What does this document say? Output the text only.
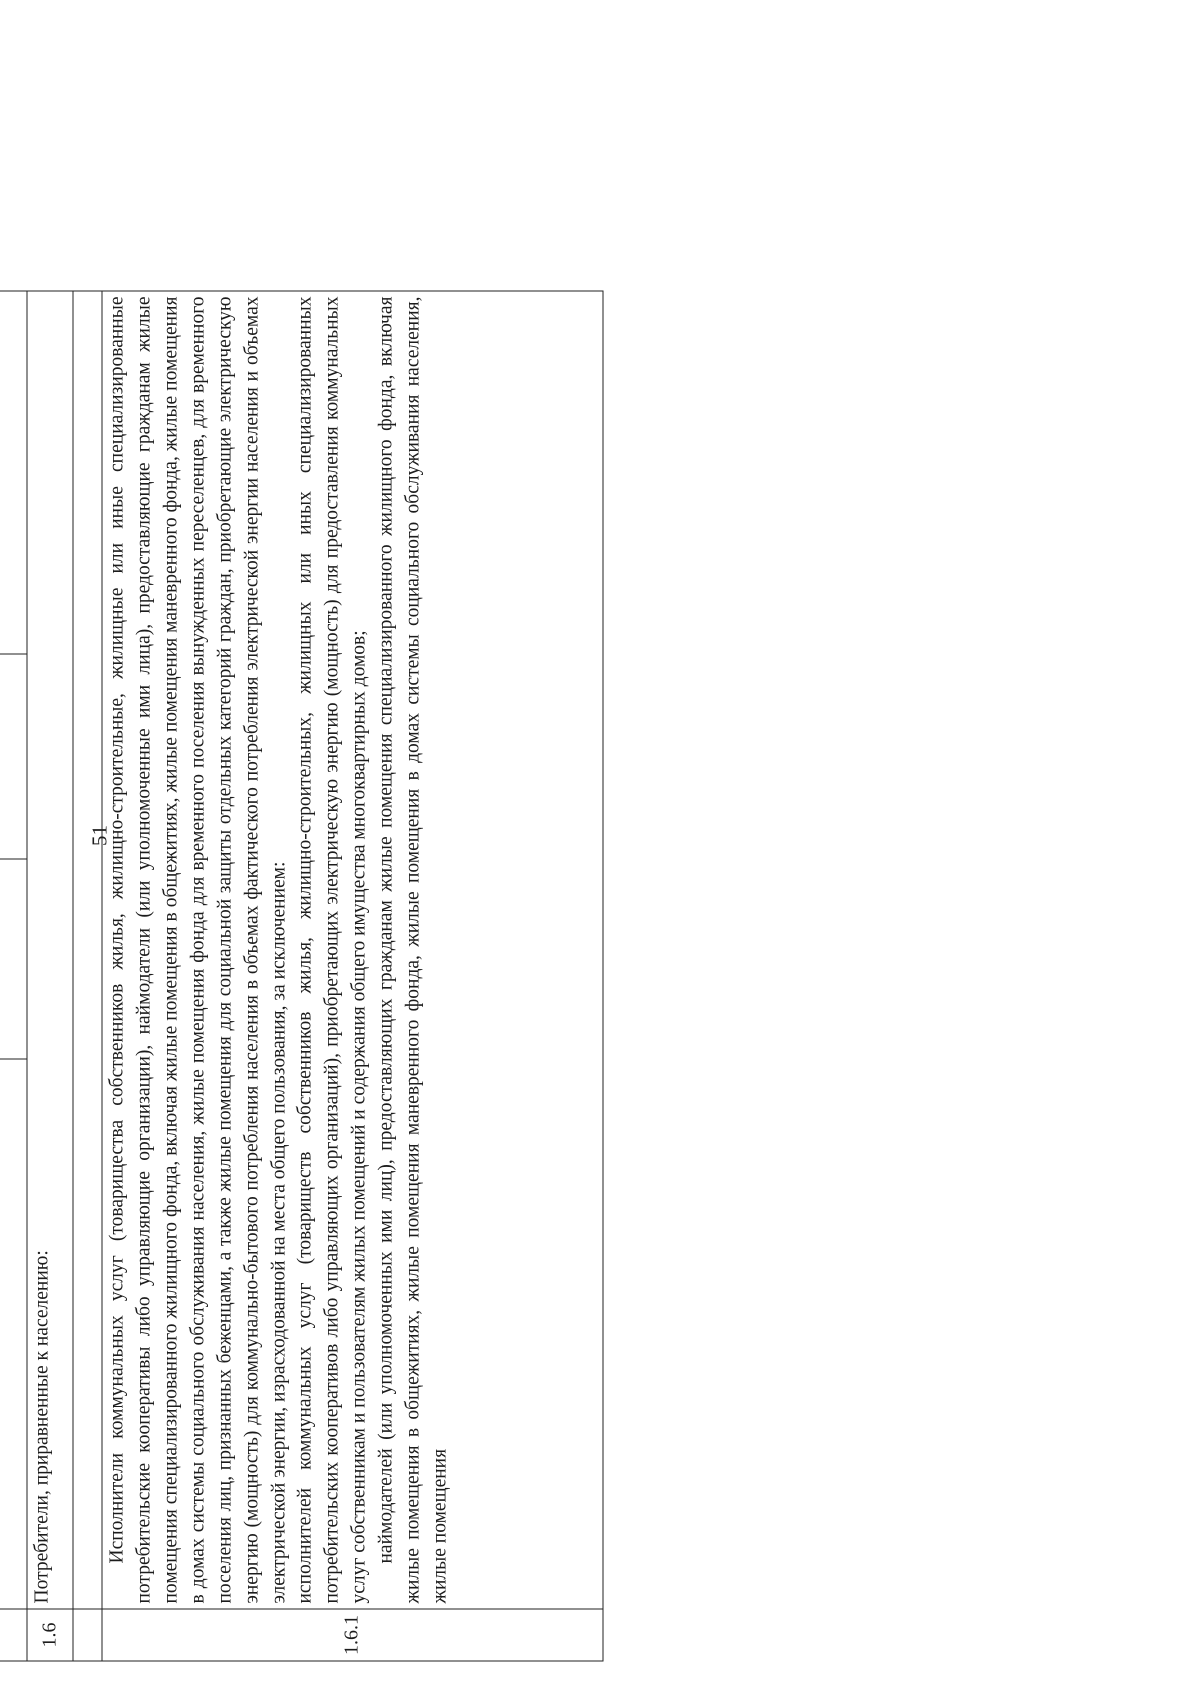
51

1.6	Потребители, приравненные к населению:			

1.6.1	Исполнители коммунальных услуг (товарищества собственников жилья, жилищно-строительные, жилищные или иные специализированные потребительские кооперативы либо управляющие организации), наймодатели (или уполномоченные ими лица), предоставляющие гражданам жилые помещения специализированного жилищного фонда, включая жилые помещения в общежитиях, жилые помещения маневренного фонда, жилые помещения в домах системы социального обслуживания населения, жилые помещения фонда для временного поселения вынужденных переселенцев, для временного поселения лиц, признанных беженцами, а также жилые помещения для социальной защиты отдельных категорий граждан, приобретающие электрическую энергию (мощность) для коммунально-бытового потребления населения в объемах фактического потребления электрической энергии населения и объемах электрической энергии, израсходованной на места общего пользования, за исключением: исполнителей коммунальных услуг (товариществ собственников жилья, жилищно-строительных, жилищных или иных специализированных потребительских кооперативов либо управляющих организаций), приобретающих электрическую энергию (мощность) для предоставления коммунальных услуг собственникам и пользователям жилых помещений и содержания общего имущества многоквартирных домов; наймодателей (или уполномоченных ими лиц), предоставляющих гражданам жилые помещения специализированного жилищного фонда, включая жилые помещения в общежитиях, жилые помещения маневренного фонда, жилые помещения в домах системы социального обслуживания населения, жилые помещения			
